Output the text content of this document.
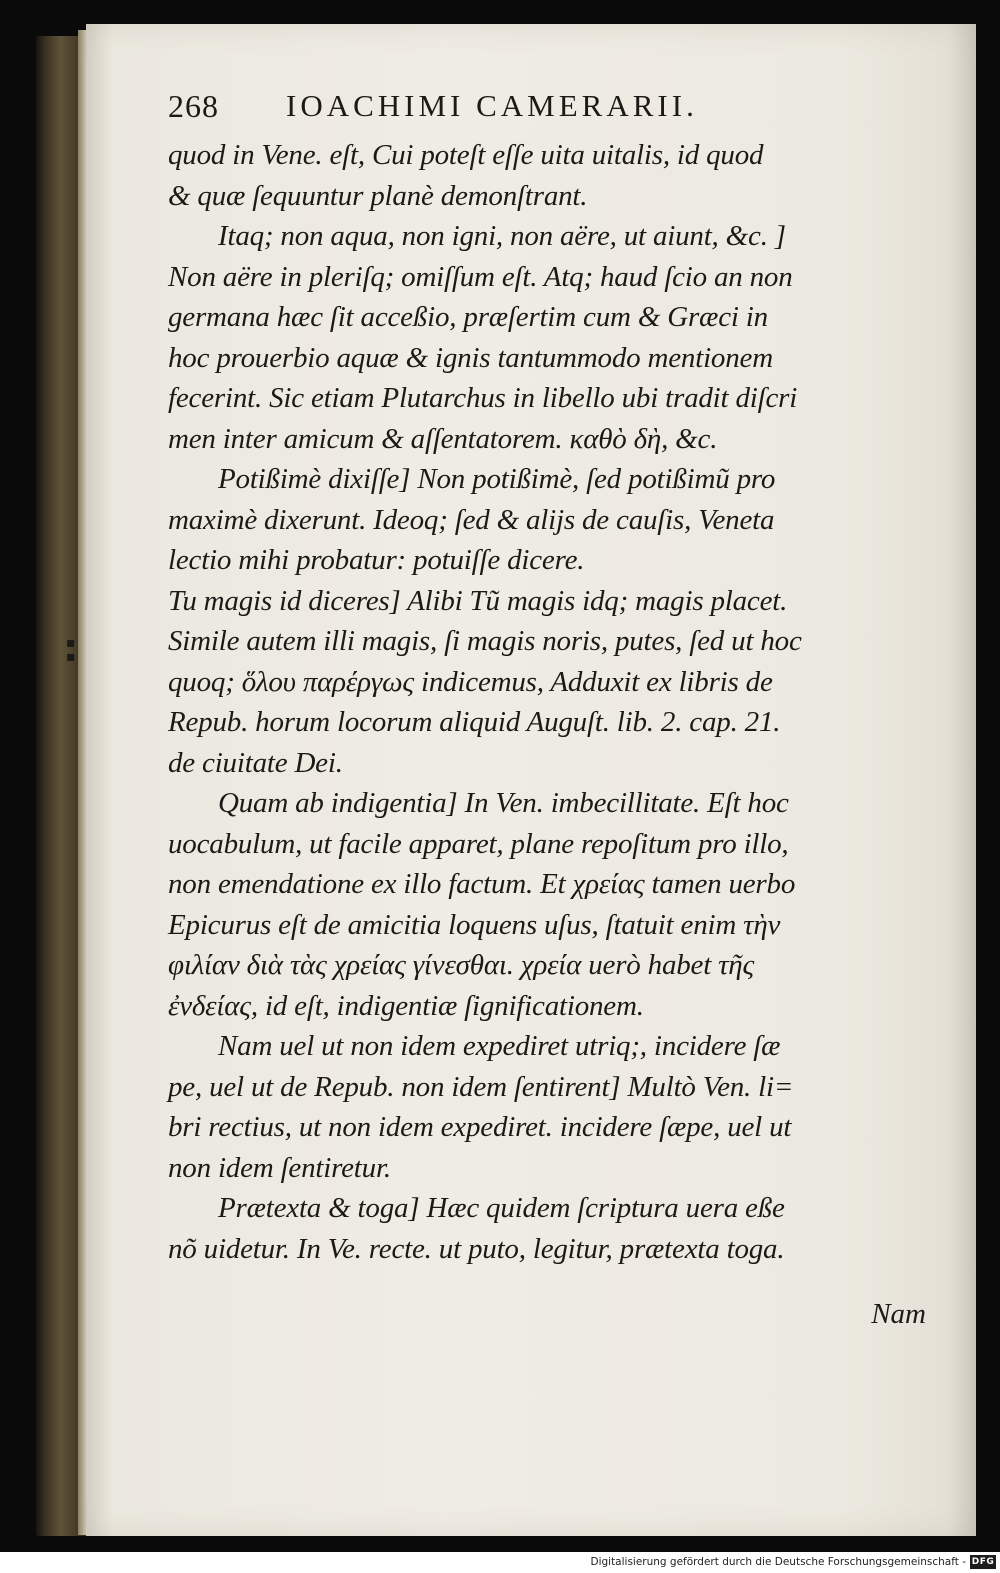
▪
▪
268 IOACHIMI CAMERARII.
quod in Vene. eſt, Cui poteſt eſſe uita uitalis, id quod
& quæ ſequuntur planè demonſtrant.
Itaq; non aqua, non igni, non aëre, ut aiunt, &c. ]
Non aëre in pleriſq; omiſſum eſt. Atq; haud ſcio an non
germana hæc ſit acceßio, præſertim cum & Græci in
hoc prouerbio aquæ & ignis tantummodo mentionem
fecerint. Sic etiam Plutarchus in libello ubi tradit diſcri
men inter amicum & aſſentatorem. καθὸ δὴ, &c.
Potißimè dixiſſe] Non potißimè, ſed potißimũ pro
maximè dixerunt. Ideoq; ſed & aliјs de cauſis, Veneta
lectio mihi probatur: potuiſſe dicere.
Tu magis id diceres] Alibi Tũ magis idq; magis placet.
Simile autem illi magis, ſi magis noris, putes, ſed ut hoc
quoq; ὅλου παρέργως indicemus, Adduxit ex libris de
Repub. horum locorum aliquid Auguſt. lib. 2. cap. 21.
de ciuitate Dei.
Quam ab indigentia] In Ven. imbecillitate. Eſt hoc
uocabulum, ut facile apparet, plane repoſitum pro illo,
non emendatione ex illo factum. Et χρείας tamen uerbo
Epicurus eſt de amicitia loquens uſus, ſtatuit enim τὴν
φιλίαν διὰ τὰς χρείας γίνεσθαι. χρεία uerò habet τῆς
ἐνδείας, id eſt, indigentiæ ſignificationem.
Nam uel ut non idem expediret utriq;, incidere ſæ
pe, uel ut de Repub. non idem ſentirent] Multò Ven. li=
bri rectius, ut non idem expediret. incidere ſæpe, uel ut
non idem ſentiretur.
Prætexta & toga] Hæc quidem ſcriptura uera eßе
nõ uidetur. In Ve. recte. ut puto, legitur, prætexta toga.
Nam
Digitalisierung gefördert durch die Deutsche Forschungsgemeinschaft - DFG
